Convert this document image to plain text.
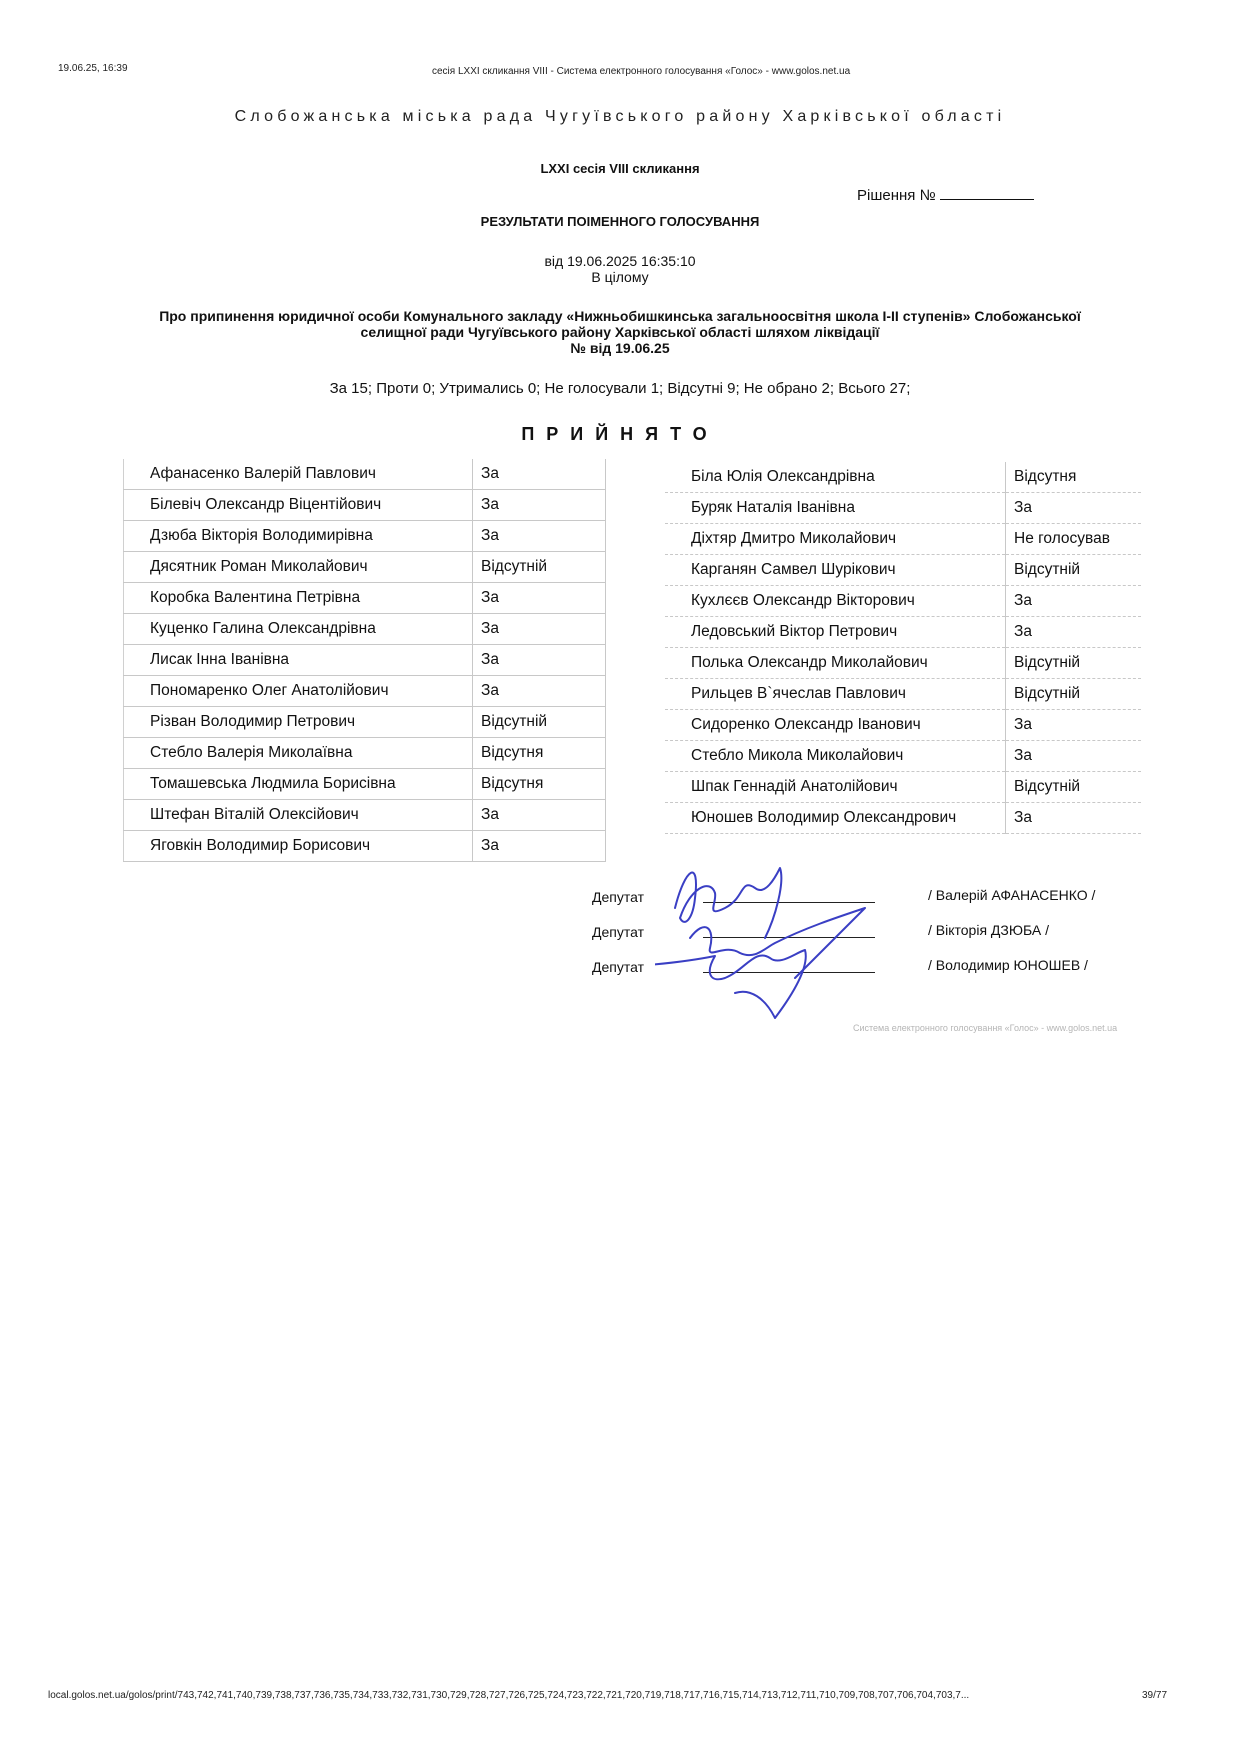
19.06.25, 16:39	сесія LXXI скликання VIII - Система електронного голосування «Голос» - www.golos.net.ua
Слобожанська міська рада Чугуївського району Харківської області
LXXI сесія VIII скликання
Рішення №
РЕЗУЛЬТАТИ ПОІМЕННОГО ГОЛОСУВАННЯ
від 19.06.2025 16:35:10
В цілому
Про припинення юридичної особи Комунального закладу «Нижньобишкинська загальноосвітня школа І-ІІ ступенів» Слобожанської
селищної ради Чугуївського району Харківської області шляхом ліквідації
№ від 19.06.25
За 15; Проти 0; Утримались 0; Не голосували 1; Відсутні 9; Не обрано 2; Всього 27;
ПРИЙНЯТО
Афанасенко Валерій Павлович	За
Білевіч Олександр Віцентійович	За
Дзюба Вікторія Володимирівна	За
Дясятник Роман Миколайович	Відсутній
Коробка Валентина Петрівна	За
Куценко Галина Олександрівна	За
Лисак Інна Іванівна	За
Пономаренко Олег Анатолійович	За
Різван Володимир Петрович	Відсутній
Стебло Валерія Миколаївна	Відсутня
Томашевська Людмила Борисівна	Відсутня
Штефан Віталій Олексійович	За
Яговкін Володимир Борисович	За
Біла Юлія Олександрівна	Відсутня
Буряк Наталія Іванівна	За
Діхтяр Дмитро Миколайович	Не голосував
Карганян Самвел Шурікович	Відсутній
Кухлєєв Олександр Вікторович	За
Ледовський Віктор Петрович	За
Полька Олександр Миколайович	Відсутній
Рильцев В`ячеслав Павлович	Відсутній
Сидоренко Олександр Іванович	За
Стебло Микола Миколайович	За
Шпак Геннадій Анатолійович	Відсутній
Юношев Володимир Олександрович	За
Депутат	/ Валерій АФАНАСЕНКО /
Депутат	/ Вікторія ДЗЮБА /
Депутат	/ Володимир ЮНОШЕВ /
Система електронного голосування «Голос» - www.golos.net.ua
local.golos.net.ua/golos/print/743,742,741,740,739,738,737,736,735,734,733,732,731,730,729,728,727,726,725,724,723,722,721,720,719,718,717,716,715,714,713,712,711,710,709,708,707,706,704,703,7...	39/77
